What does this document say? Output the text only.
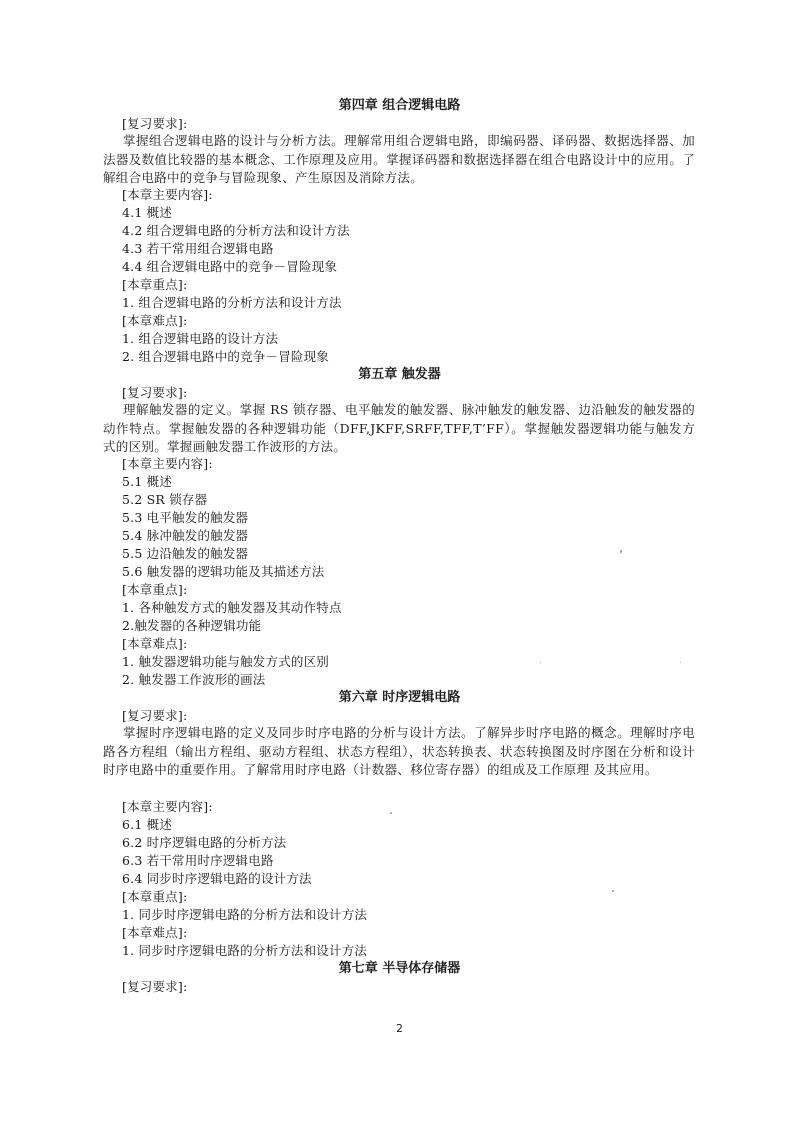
第四章 组合逻辑电路
[复习要求]:
掌握组合逻辑电路的设计与分析方法。理解常用组合逻辑电路，即编码器、译码器、数据选择器、加法器及数值比较器的基本概念、工作原理及应用。掌握译码器和数据选择器在组合电路设计中的应用。了解组合电路中的竞争与冒险现象、产生原因及消除方法。
[本章主要内容]:
4.1 概述
4.2 组合逻辑电路的分析方法和设计方法
4.3 若干常用组合逻辑电路
4.4 组合逻辑电路中的竞争－冒险现象
[本章重点]:
1. 组合逻辑电路的分析方法和设计方法
[本章难点]:
1. 组合逻辑电路的设计方法
2. 组合逻辑电路中的竞争－冒险现象
第五章 触发器
[复习要求]:
理解触发器的定义。掌握 RS 锁存器、电平触发的触发器、脉冲触发的触发器、边沿触发的触发器的动作特点。掌握触发器的各种逻辑功能（DFF,JKFF,SRFF,TFF,T’FF）。掌握触发器逻辑功能与触发方式的区别。掌握画触发器工作波形的方法。
[本章主要内容]:
5.1 概述
5.2 SR 锁存器
5.3 电平触发的触发器
5.4 脉冲触发的触发器
5.5 边沿触发的触发器
5.6 触发器的逻辑功能及其描述方法
[本章重点]:
1. 各种触发方式的触发器及其动作特点
2.触发器的各种逻辑功能
[本章难点]:
1. 触发器逻辑功能与触发方式的区别
2. 触发器工作波形的画法
第六章 时序逻辑电路
[复习要求]:
掌握时序逻辑电路的定义及同步时序电路的分析与设计方法。了解异步时序电路的概念。理解时序电路各方程组（输出方程组、驱动方程组、状态方程组），状态转换表、状态转换图及时序图在分析和设计时序电路中的重要作用。了解常用时序电路（计数器、移位寄存器）的组成及工作原理 及其应用。
[本章主要内容]:
6.1 概述
6.2 时序逻辑电路的分析方法
6.3 若干常用时序逻辑电路
6.4 同步时序逻辑电路的设计方法
[本章重点]:
1. 同步时序逻辑电路的分析方法和设计方法
[本章难点]:
1. 同步时序逻辑电路的分析方法和设计方法
第七章 半导体存储器
[复习要求]:
2
